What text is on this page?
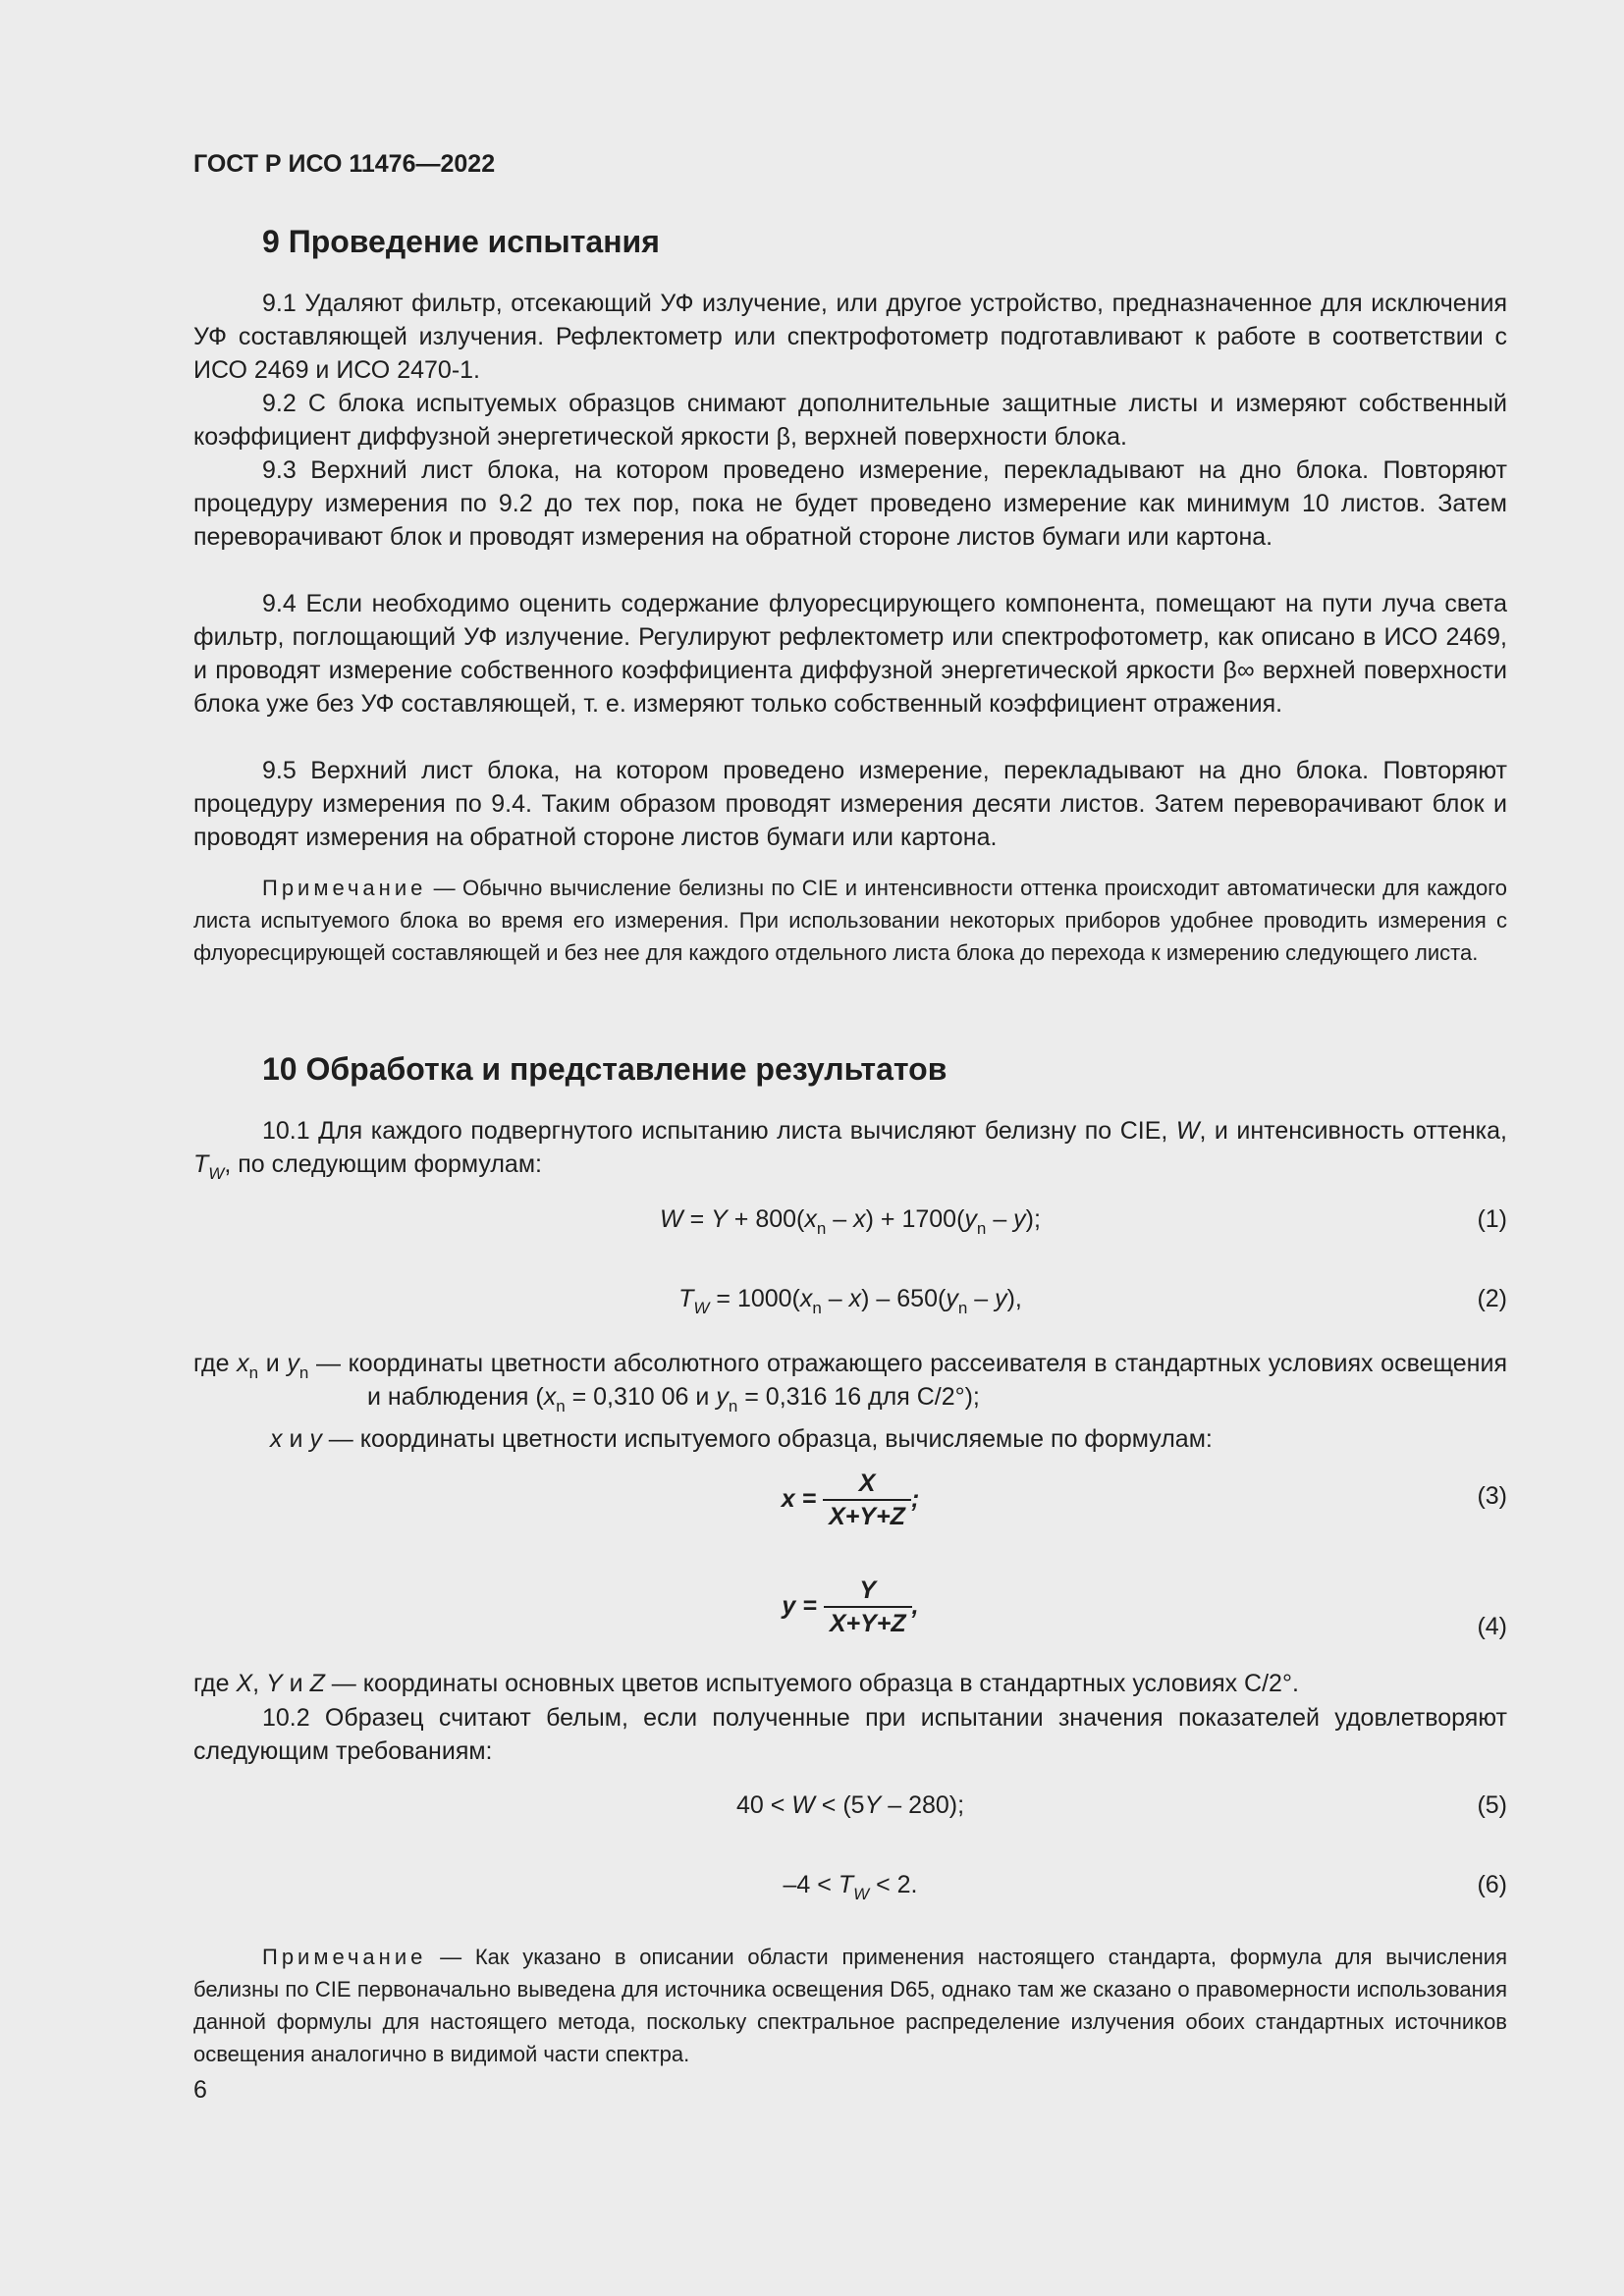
ГОСТ Р ИСО 11476—2022
9 Проведение испытания
9.1 Удаляют фильтр, отсекающий УФ излучение, или другое устройство, предназначенное для исключения УФ составляющей излучения. Рефлектометр или спектрофотометр подготавливают к работе в соответствии с ИСО 2469 и ИСО 2470-1.
9.2 С блока испытуемых образцов снимают дополнительные защитные листы и измеряют собственный коэффициент диффузной энергетической яркости β, верхней поверхности блока.
9.3 Верхний лист блока, на котором проведено измерение, перекладывают на дно блока. Повторяют процедуру измерения по 9.2 до тех пор, пока не будет проведено измерение как минимум 10 листов. Затем переворачивают блок и проводят измерения на обратной стороне листов бумаги или картона.
9.4 Если необходимо оценить содержание флуоресцирующего компонента, помещают на пути луча света фильтр, поглощающий УФ излучение. Регулируют рефлектометр или спектрофотометр, как описано в ИСО 2469, и проводят измерение собственного коэффициента диффузной энергетической яркости β∞ верхней поверхности блока уже без УФ составляющей, т. е. измеряют только собственный коэффициент отражения.
9.5 Верхний лист блока, на котором проведено измерение, перекладывают на дно блока. Повторяют процедуру измерения по 9.4. Таким образом проводят измерения десяти листов. Затем переворачивают блок и проводят измерения на обратной стороне листов бумаги или картона.
Примечание — Обычно вычисление белизны по CIE и интенсивности оттенка происходит автоматически для каждого листа испытуемого блока во время его измерения. При использовании некоторых приборов удобнее проводить измерения с флуоресцирующей составляющей и без нее для каждого отдельного листа блока до перехода к измерению следующего листа.
10 Обработка и представление результатов
10.1 Для каждого подвергнутого испытанию листа вычисляют белизну по CIE, W, и интенсивность оттенка, $T_W$, по следующим формулам:
$W = Y + 800(x_n - x) + 1700(y_n - y)$;	(1)
$T_W = 1000(x_n - x) - 650(y_n - y)$,	(2)
где $x_n$ и $y_n$ — координаты цветности абсолютного отражающего рассеивателя в стандартных условиях освещения и наблюдения ($x_n = 0,310$ 06 и $y_n = 0,316$ 16 для C/2°);
x и y — координаты цветности испытуемого образца, вычисляемые по формулам:
$x = \frac{X}{X+Y+Z}$ ;	(3)
$y = \frac{Y}{X+Y+Z}$ ,
(4)
где X, Y и Z — координаты основных цветов испытуемого образца в стандартных условиях C/2°.
10.2 Образец считают белым, если полученные при испытании значения показателей удовлетворяют следующим требованиям:
40 < W < (5Y – 280);	(5)
$-4 < T_W < 2$.	(6)
Примечание — Как указано в описании области применения настоящего стандарта, формула для вычисления белизны по CIE первоначально выведена для источника освещения D65, однако там же сказано о правомерности использования данной формулы для настоящего метода, поскольку спектральное распределение излучения обоих стандартных источников освещения аналогично в видимой части спектра.
6
